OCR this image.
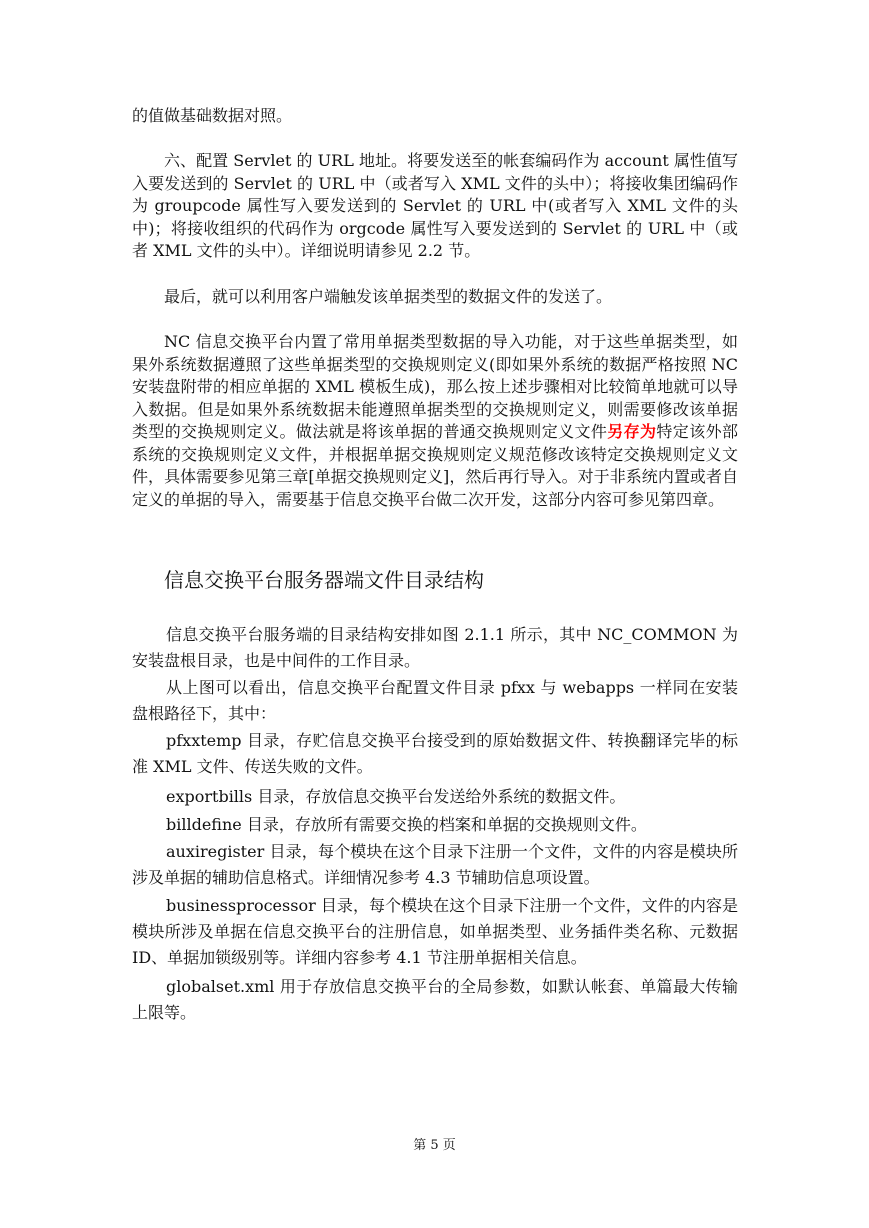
的值做基础数据对照。

六、配置 Servlet 的 URL 地址。将要发送至的帐套编码作为 account 属性值写入要发送到的 Servlet 的 URL 中（或者写入 XML 文件的头中）；将接收集团编码作为 groupcode 属性写入要发送到的 Servlet 的 URL 中(或者写入 XML 文件的头中)；将接收组织的代码作为 orgcode 属性写入要发送到的 Servlet 的 URL 中（或者 XML 文件的头中）。详细说明请参见 2.2 节。

最后，就可以利用客户端触发该单据类型的数据文件的发送了。

NC 信息交换平台内置了常用单据类型数据的导入功能，对于这些单据类型，如果外系统数据遵照了这些单据类型的交换规则定义(即如果外系统的数据严格按照 NC 安装盘附带的相应单据的 XML 模板生成)，那么按上述步骤相对比较简单地就可以导入数据。但是如果外系统数据未能遵照单据类型的交换规则定义，则需要修改该单据类型的交换规则定义。做法就是将该单据的普通交换规则定义文件另存为特定该外部系统的交换规则定义文件，并根据单据交换规则定义规范修改该特定交换规则定义文件，具体需要参见第三章[单据交换规则定义]，然后再行导入。对于非系统内置或者自定义的单据的导入，需要基于信息交换平台做二次开发，这部分内容可参见第四章。

信息交换平台服务器端文件目录结构

信息交换平台服务端的目录结构安排如图 2.1.1 所示，其中 NC_COMMON 为安装盘根目录，也是中间件的工作目录。

从上图可以看出，信息交换平台配置文件目录 pfxx 与 webapps 一样同在安装盘根路径下，其中：

pfxxtemp 目录，存贮信息交换平台接受到的原始数据文件、转换翻译完毕的标准 XML 文件、传送失败的文件。

exportbills 目录，存放信息交换平台发送给外系统的数据文件。

billdefine 目录，存放所有需要交换的档案和单据的交换规则文件。

auxiregister 目录，每个模块在这个目录下注册一个文件，文件的内容是模块所涉及单据的辅助信息格式。详细情况参考 4.3 节辅助信息项设置。

businessprocessor 目录，每个模块在这个目录下注册一个文件，文件的内容是模块所涉及单据在信息交换平台的注册信息，如单据类型、业务插件类名称、元数据 ID、单据加锁级别等。详细内容参考 4.1 节注册单据相关信息。

globalset.xml 用于存放信息交换平台的全局参数，如默认帐套、单篇最大传输上限等。

第 5 页
